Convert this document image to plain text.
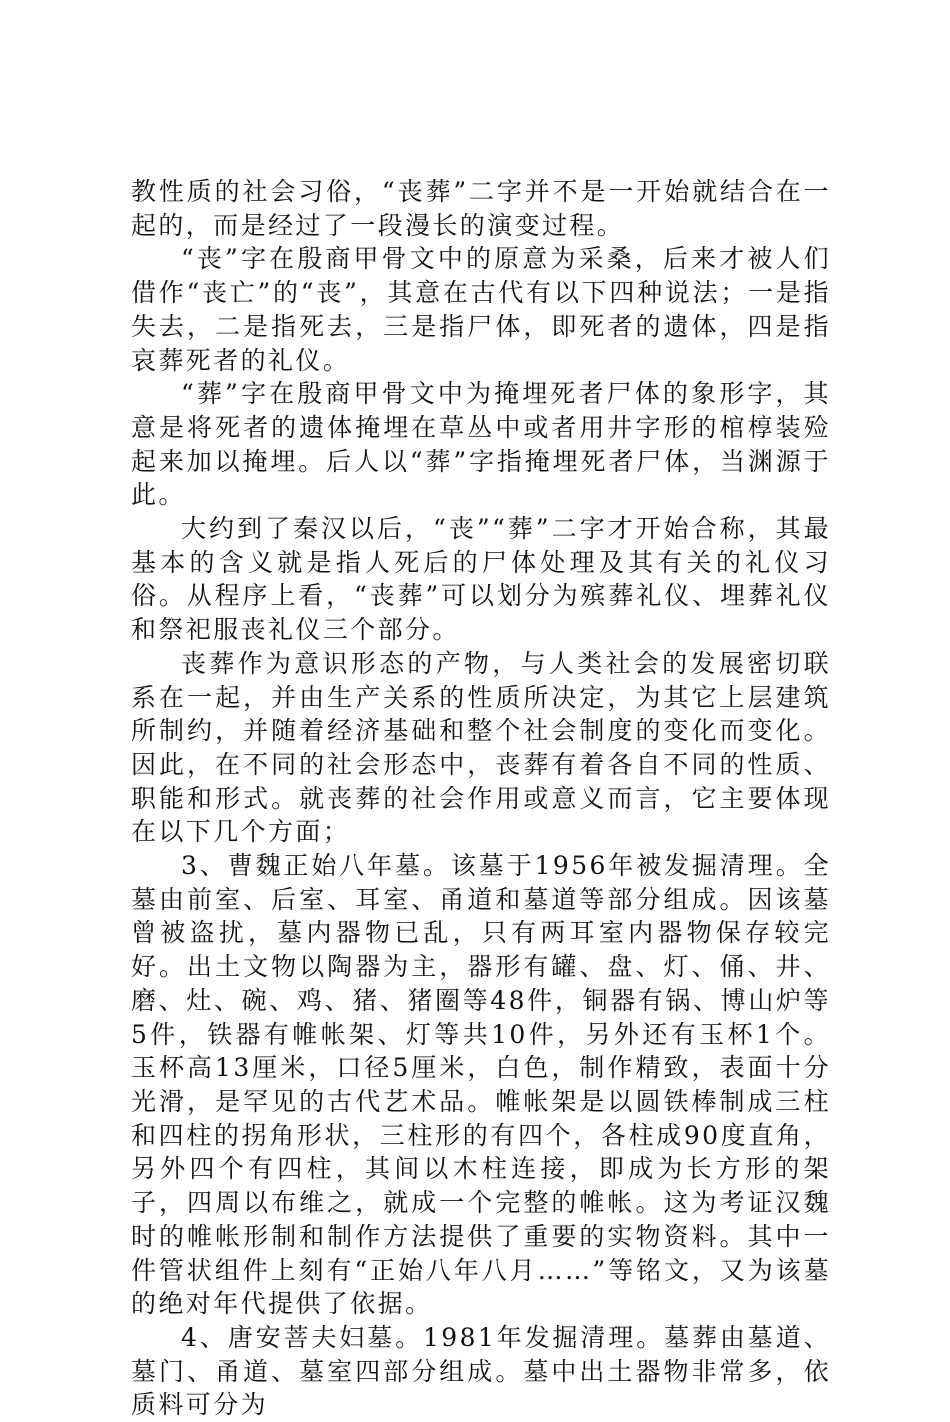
教性质的社会习俗，“丧葬”二字并不是一开始就结合在一起的，而是经过了一段漫长的演变过程。

“丧”字在殷商甲骨文中的原意为采桑，后来才被人们借作“丧亡”的“丧”，其意在古代有以下四种说法；一是指失去，二是指死去，三是指尸体，即死者的遗体，四是指哀葬死者的礼仪。

“葬”字在殷商甲骨文中为掩埋死者尸体的象形字，其意是将死者的遗体掩埋在草丛中或者用井字形的棺椁装殓起来加以掩埋。后人以“葬”字指掩埋死者尸体，当渊源于此。

大约到了秦汉以后，“丧”“葬”二字才开始合称，其最基本的含义就是指人死后的尸体处理及其有关的礼仪习俗。从程序上看，“丧葬”可以划分为殡葬礼仪、埋葬礼仪和祭祀服丧礼仪三个部分。

丧葬作为意识形态的产物，与人类社会的发展密切联系在一起，并由生产关系的性质所决定，为其它上层建筑所制约，并随着经济基础和整个社会制度的变化而变化。因此，在不同的社会形态中，丧葬有着各自不同的性质、职能和形式。就丧葬的社会作用或意义而言，它主要体现在以下几个方面；

3、曹魏正始八年墓。该墓于1956年被发掘清理。全墓由前室、后室、耳室、甬道和墓道等部分组成。因该墓曾被盗扰，墓内器物已乱，只有两耳室内器物保存较完好。出土文物以陶器为主，器形有罐、盘、灯、俑、井、磨、灶、碗、鸡、猪、猪圈等48件，铜器有锅、博山炉等5件，铁器有帷帐架、灯等共10件，另外还有玉杯1个。玉杯高13厘米，口径5厘米，白色，制作精致，表面十分光滑，是罕见的古代艺术品。帷帐架是以圆铁棒制成三柱和四柱的拐角形状，三柱形的有四个，各柱成90度直角，另外四个有四柱，其间以木柱连接，即成为长方形的架子，四周以布维之，就成一个完整的帷帐。这为考证汉魏时的帷帐形制和制作方法提供了重要的实物资料。其中一件管状组件上刻有“正始八年八月……”等铭文，又为该墓的绝对年代提供了依据。

4、唐安菩夫妇墓。1981年发掘清理。墓葬由墓道、墓门、甬道、墓室四部分组成。墓中出土器物非常多，依质料可分为
